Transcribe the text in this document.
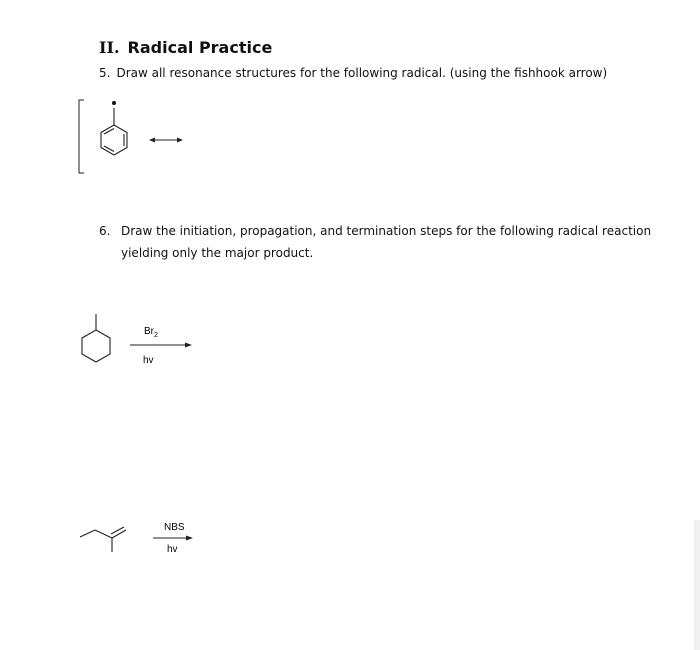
II. Radical Practice
5. Draw all resonance structures for the following radical. (using the fishhook arrow)
6. Draw the initiation, propagation, and termination steps for the following radical reaction yielding only the major product.
$Br_2$
hv
NBS
hv
